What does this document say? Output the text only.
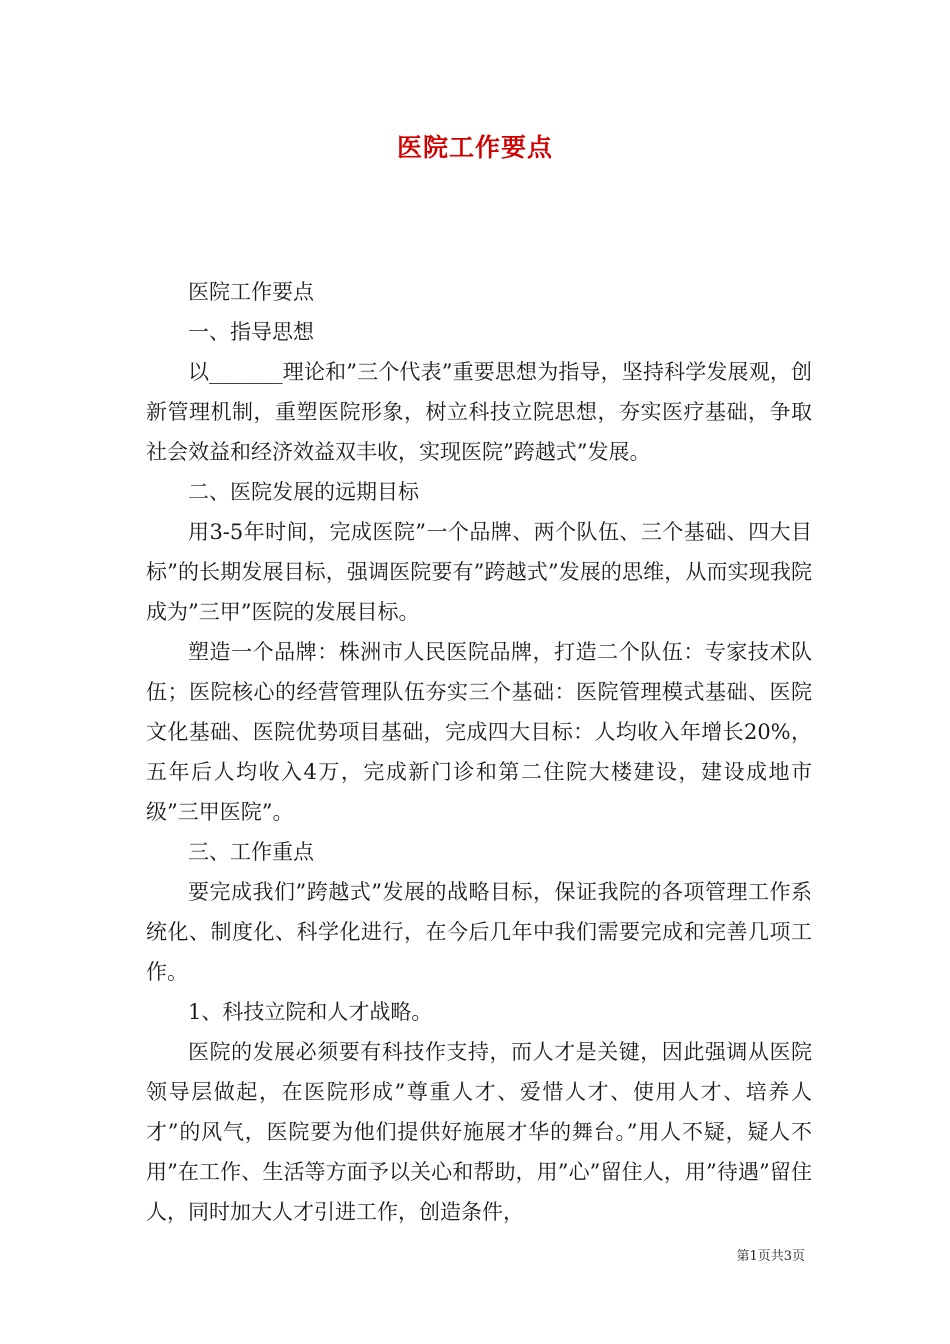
医院工作要点

医院工作要点

一、指导思想

以_______理论和”三个代表”重要思想为指导，坚持科学发展观，创新管理机制，重塑医院形象，树立科技立院思想，夯实医疗基础，争取社会效益和经济效益双丰收，实现医院”跨越式”发展。

二、医院发展的远期目标

用3-5年时间，完成医院”一个品牌、两个队伍、三个基础、四大目标”的长期发展目标，强调医院要有”跨越式”发展的思维，从而实现我院成为”三甲”医院的发展目标。

塑造一个品牌：株洲市人民医院品牌，打造二个队伍：专家技术队伍；医院核心的经营管理队伍夯实三个基础：医院管理模式基础、医院文化基础、医院优势项目基础，完成四大目标：人均收入年增长20%，五年后人均收入4万，完成新门诊和第二住院大楼建设，建设成地市级”三甲医院”。

三、工作重点

要完成我们”跨越式”发展的战略目标，保证我院的各项管理工作系统化、制度化、科学化进行，在今后几年中我们需要完成和完善几项工作。

1、科技立院和人才战略。

医院的发展必须要有科技作支持，而人才是关键，因此强调从医院领导层做起，在医院形成”尊重人才、爱惜人才、使用人才、培养人才”的风气，医院要为他们提供好施展才华的舞台。”用人不疑，疑人不用”在工作、生活等方面予以关心和帮助，用”心”留住人，用”待遇”留住人，同时加大人才引进工作，创造条件，

第1页共3页
